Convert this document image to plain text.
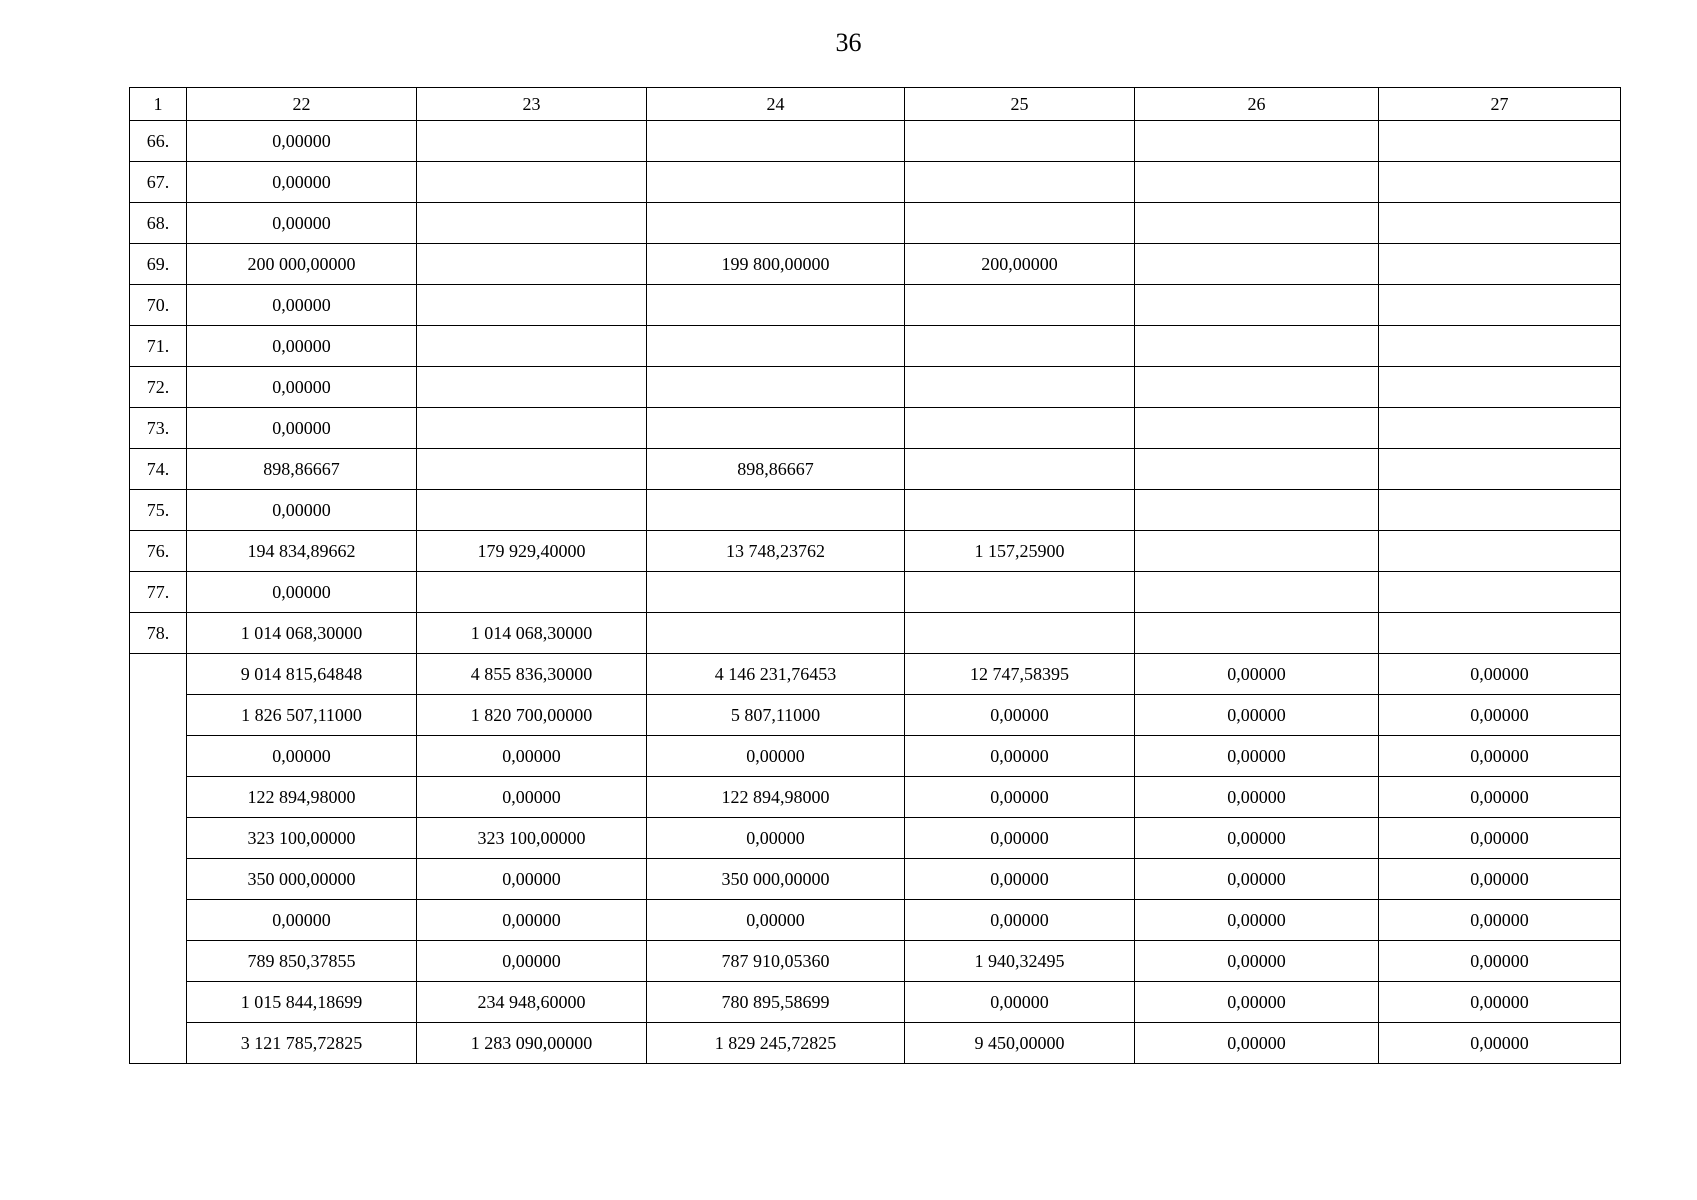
36
1	22	23	24	25	26	27
66.	0,00000					
67.	0,00000					
68.	0,00000					
69.	200 000,00000		199 800,00000	200,00000		
70.	0,00000					
71.	0,00000					
72.	0,00000					
73.	0,00000					
74.	898,86667		898,86667			
75.	0,00000					
76.	194 834,89662	179 929,40000	13 748,23762	1 157,25900		
77.	0,00000					
78.	1 014 068,30000	1 014 068,30000				
	9 014 815,64848	4 855 836,30000	4 146 231,76453	12 747,58395	0,00000	0,00000
	1 826 507,11000	1 820 700,00000	5 807,11000	0,00000	0,00000	0,00000
	0,00000	0,00000	0,00000	0,00000	0,00000	0,00000
	122 894,98000	0,00000	122 894,98000	0,00000	0,00000	0,00000
	323 100,00000	323 100,00000	0,00000	0,00000	0,00000	0,00000
	350 000,00000	0,00000	350 000,00000	0,00000	0,00000	0,00000
	0,00000	0,00000	0,00000	0,00000	0,00000	0,00000
	789 850,37855	0,00000	787 910,05360	1 940,32495	0,00000	0,00000
	1 015 844,18699	234 948,60000	780 895,58699	0,00000	0,00000	0,00000
	3 121 785,72825	1 283 090,00000	1 829 245,72825	9 450,00000	0,00000	0,00000
